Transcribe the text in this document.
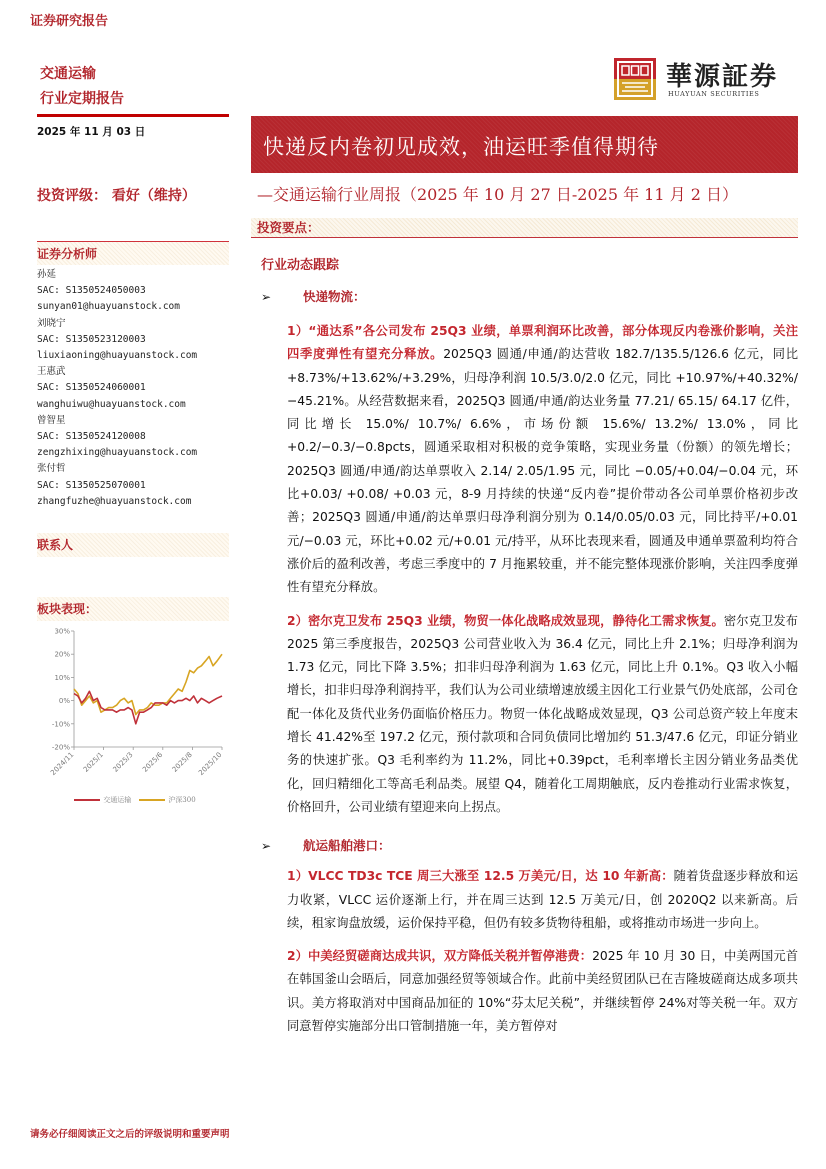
证券研究报告
交通运输
行业定期报告
2025 年 11 月 03 日
投资评级： 看好（维持）
華源証券
HUAYUAN SECURITIES
快递反内卷初见成效，油运旺季值得期待
—交通运输行业周报（2025 年 10 月 27 日-2025 年 11 月 2 日）
投资要点：
证券分析师
孙延
SAC: S1350524050003
sunyan01@huayuanstock.com
刘晓宁
SAC: S1350523120003
liuxiaoning@huayuanstock.com
王惠武
SAC: S1350524060001
wanghuiwu@huayuanstock.com
曾智星
SAC: S1350524120008
zengzhixing@huayuanstock.com
张付哲
SAC: S1350525070001
zhangfuzhe@huayuanstock.com
联系人
板块表现：
30%
20%
10%
0%
-10%
-20%
2024/11 2025/1 2025/3 2025/6 2025/8 2025/10
交通运输	沪深300
行业动态跟踪
➢	快递物流：
1）“通达系”各公司发布 25Q3 业绩，单票利润环比改善，部分体现反内卷涨价影响，关注四季度弹性有望充分释放。2025Q3 圆通/申通/韵达营收 182.7/135.5/126.6 亿元，同比 +8.73%/+13.62%/+3.29%，归母净利润 10.5/3.0/2.0 亿元，同比 +10.97%/+40.32%/−45.21%。从经营数据来看，2025Q3 圆通/申通/韵达业务量 77.21/ 65.15/ 64.17 亿件，同比增长 15.0%/ 10.7%/ 6.6%，市场份额 15.6%/ 13.2%/ 13.0%，同比+0.2/−0.3/−0.8pcts，圆通采取相对积极的竞争策略，实现业务量（份额）的领先增长；2025Q3 圆通/申通/韵达单票收入 2.14/ 2.05/1.95 元，同比 −0.05/+0.04/−0.04 元，环比+0.03/ +0.08/ +0.03 元，8-9 月持续的快递“反内卷”提价带动各公司单票价格初步改善；2025Q3 圆通/申通/韵达单票归母净利润分别为 0.14/0.05/0.03 元，同比持平/+0.01 元/−0.03 元，环比+0.02 元/+0.01 元/持平，从环比表现来看，圆通及申通单票盈利均符合涨价后的盈利改善，考虑三季度中的 7 月拖累较重，并不能完整体现涨价影响，关注四季度弹性有望充分释放。
2）密尔克卫发布 25Q3 业绩，物贸一体化战略成效显现，静待化工需求恢复。密尔克卫发布 2025 第三季度报告，2025Q3 公司营业收入为 36.4 亿元，同比上升 2.1%；归母净利润为 1.73 亿元，同比下降 3.5%；扣非归母净利润为 1.63 亿元，同比上升 0.1%。Q3 收入小幅增长，扣非归母净利润持平，我们认为公司业绩增速放缓主因化工行业景气仍处底部，公司仓配一体化及货代业务仍面临价格压力。物贸一体化战略成效显现，Q3 公司总资产较上年度末增长 41.42%至 197.2 亿元，预付款项和合同负债同比增加约 51.3/47.6 亿元，印证分销业务的快速扩张。Q3 毛利率约为 11.2%，同比+0.39pct，毛利率增长主因分销业务品类优化，回归精细化工等高毛利品类。展望 Q4，随着化工周期触底，反内卷推动行业需求恢复，价格回升，公司业绩有望迎来向上拐点。
➢	航运船舶港口：
1）VLCC TD3c TCE 周三大涨至 12.5 万美元/日，达 10 年新高：随着货盘逐步释放和运力收紧，VLCC 运价逐渐上行，并在周三达到 12.5 万美元/日，创 2020Q2 以来新高。后续，租家询盘放缓，运价保持平稳，但仍有较多货物待租船，或将推动市场进一步向上。
2）中美经贸磋商达成共识，双方降低关税并暂停港费：2025 年 10 月 30 日，中美两国元首在韩国釜山会晤后，同意加强经贸等领域合作。此前中美经贸团队已在吉隆坡磋商达成多项共识。美方将取消对中国商品加征的 10%“芬太尼关税”，并继续暂停 24%对等关税一年。双方同意暂停实施部分出口管制措施一年，美方暂停对
请务必仔细阅读正文之后的评级说明和重要声明
